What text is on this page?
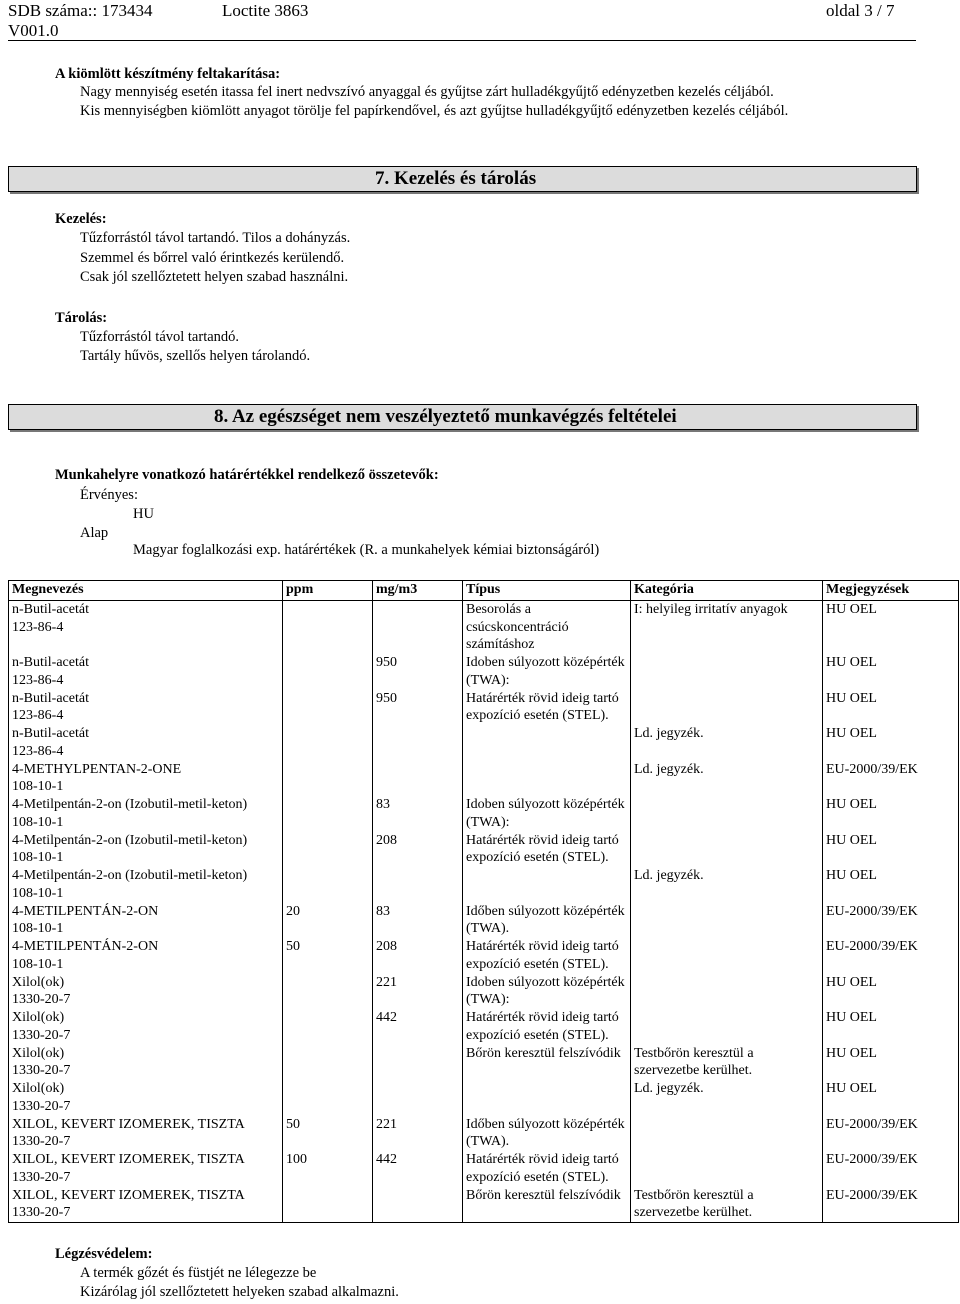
SDB száma:: 173434	Loctite 3863	oldal 3 / 7
V001.0
A kiömlött készítmény feltakarítása:
Nagy mennyiség esetén itassa fel inert nedvszívó anyaggal és gyűjtse zárt hulladékgyűjtő edényzetben kezelés céljából.
Kis mennyiségben kiömlött anyagot törölje fel papírkendővel, és azt gyűjtse hulladékgyűjtő edényzetben kezelés céljából.
7. Kezelés és tárolás
Kezelés:
Tűzforrástól távol tartandó. Tilos a dohányzás.
Szemmel és bőrrel való érintkezés kerülendő.
Csak jól szellőztetett helyen szabad használni.
Tárolás:
Tűzforrástól távol tartandó.
Tartály hűvös, szellős helyen tárolandó.
8. Az egészséget nem veszélyeztető munkavégzés feltételei
Munkahelyre vonatkozó határértékkel rendelkező összetevők:
Érvényes:
HU
Alap
Magyar foglalkozási exp. határértékek (R. a munkahelyek kémiai biztonságáról)
Megnevezés	ppm	mg/m3	Típus	Kategória	Megjegyzések

n-Butil-acetát
123-86-4			Besorolás a csúcskoncentráció számításhoz	I: helyileg irritatív anyagok	HU OEL

n-Butil-acetát
123-86-4		950	Idoben súlyozott középérték (TWA):		HU OEL

n-Butil-acetát
123-86-4		950	Határérték rövid ideig tartó expozíció esetén (STEL).		HU OEL

n-Butil-acetát
123-86-4				Ld. jegyzék.	HU OEL

4-METHYLPENTAN-2-ONE
108-10-1				Ld. jegyzék.	EU-2000/39/EK

4-Metilpentán-2-on (Izobutil-metil-keton)
108-10-1		83	Idoben súlyozott középérték (TWA):		HU OEL

4-Metilpentán-2-on (Izobutil-metil-keton)
108-10-1		208	Határérték rövid ideig tartó expozíció esetén (STEL).		HU OEL

4-Metilpentán-2-on (Izobutil-metil-keton)
108-10-1				Ld. jegyzék.	HU OEL

4-METILPENTÁN-2-ON
108-10-1	20	83	Időben súlyozott középérték (TWA).		EU-2000/39/EK

4-METILPENTÁN-2-ON
108-10-1	50	208	Határérték rövid ideig tartó expozíció esetén (STEL).		EU-2000/39/EK

Xilol(ok)
1330-20-7		221	Idoben súlyozott középérték (TWA):		HU OEL

Xilol(ok)
1330-20-7		442	Határérték rövid ideig tartó expozíció esetén (STEL).		HU OEL

Xilol(ok)
1330-20-7			Bőrön keresztül felszívódik	Testbőrön keresztül a szervezetbe kerülhet.	HU OEL

Xilol(ok)
1330-20-7				Ld. jegyzék.	HU OEL

XILOL, KEVERT IZOMEREK, TISZTA
1330-20-7	50	221	Időben súlyozott középérték (TWA).		EU-2000/39/EK

XILOL, KEVERT IZOMEREK, TISZTA
1330-20-7	100	442	Határérték rövid ideig tartó expozíció esetén (STEL).		EU-2000/39/EK

XILOL, KEVERT IZOMEREK, TISZTA
1330-20-7			Bőrön keresztül felszívódik	Testbőrön keresztül a szervezetbe kerülhet.	EU-2000/39/EK
Légzésvédelem:
A termék gőzét és füstjét ne lélegezze be
Kizárólag jól szellőztetett helyeken szabad alkalmazni.
